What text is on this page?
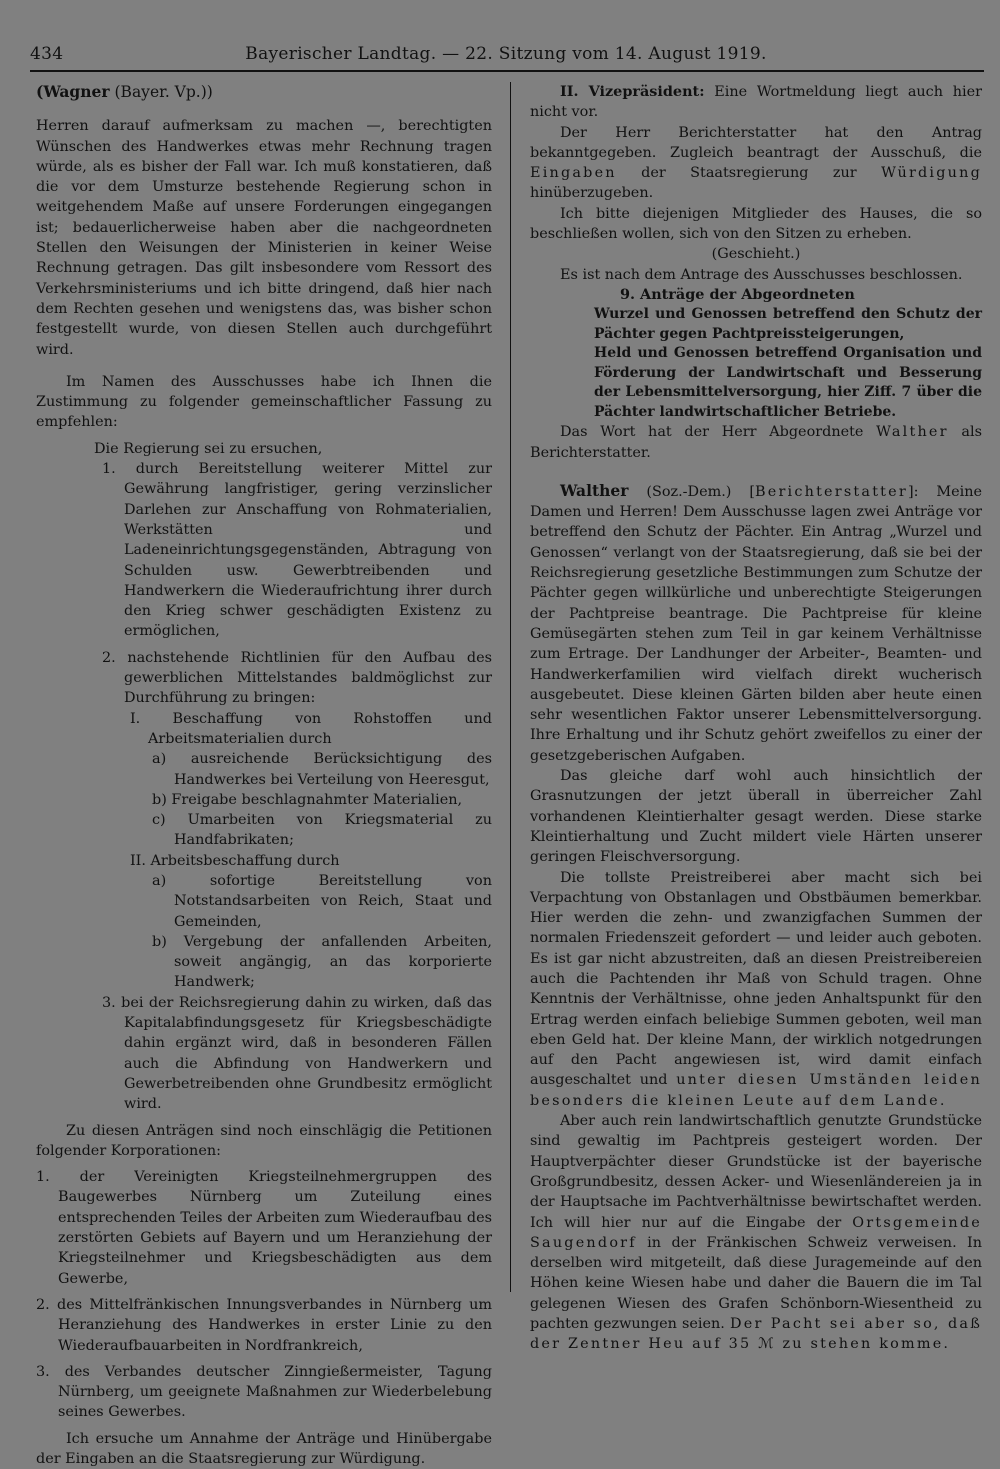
434	Bayerischer Landtag. — 22. Sitzung vom 14. August 1919.

(Wagner (Bayer. Vp.))

Herren darauf aufmerksam zu machen —, berechtigten Wünschen des Handwerkes etwas mehr Rechnung tragen würde, als es bisher der Fall war. Ich muß konstatieren, daß die vor dem Umsturze bestehende Regierung schon in weitgehendem Maße auf unsere Forderungen eingegangen ist; bedauerlicherweise haben aber die nachgeordneten Stellen den Weisungen der Ministerien in keiner Weise Rechnung getragen. Das gilt insbesondere vom Ressort des Verkehrsministeriums und ich bitte dringend, daß hier nach dem Rechten gesehen und wenigstens das, was bisher schon festgestellt wurde, von diesen Stellen auch durchgeführt wird.

Im Namen des Ausschusses habe ich Ihnen die Zustimmung zu folgender gemeinschaftlicher Fassung zu empfehlen:

Die Regierung sei zu ersuchen,

1. durch Bereitstellung weiterer Mittel zur Gewährung langfristiger, gering verzinslicher Darlehen zur Anschaffung von Rohmaterialien, Werkstätten und Ladeneinrichtungsgegenständen, Abtragung von Schulden usw. Gewerbtreibenden und Handwerkern die Wiederaufrichtung ihrer durch den Krieg schwer geschädigten Existenz zu ermöglichen,

2. nachstehende Richtlinien für den Aufbau des gewerblichen Mittelstandes baldmöglichst zur Durchführung zu bringen:

I. Beschaffung von Rohstoffen und Arbeitsmaterialien durch

a) ausreichende Berücksichtigung des Handwerkes bei Verteilung von Heeresgut,

b) Freigabe beschlagnahmter Materialien,

c) Umarbeiten von Kriegsmaterial zu Handfabrikaten;

II. Arbeitsbeschaffung durch

a) sofortige Bereitstellung von Notstandsarbeiten von Reich, Staat und Gemeinden,

b) Vergebung der anfallenden Arbeiten, soweit angängig, an das korporierte Handwerk;

3. bei der Reichsregierung dahin zu wirken, daß das Kapitalabfindungsgesetz für Kriegsbeschädigte dahin ergänzt wird, daß in besonderen Fällen auch die Abfindung von Handwerkern und Gewerbetreibenden ohne Grundbesitz ermöglicht wird.

Zu diesen Anträgen sind noch einschlägig die Petitionen folgender Korporationen:

1. der Vereinigten Kriegsteilnehmergruppen des Baugewerbes Nürnberg um Zuteilung eines entsprechenden Teiles der Arbeiten zum Wiederaufbau des zerstörten Gebiets auf Bayern und um Heranziehung der Kriegsteilnehmer und Kriegsbeschädigten aus dem Gewerbe,

2. des Mittelfränkischen Innungsverbandes in Nürnberg um Heranziehung des Handwerkes in erster Linie zu den Wiederaufbauarbeiten in Nordfrankreich,

3. des Verbandes deutscher Zinngießermeister, Tagung Nürnberg, um geeignete Maßnahmen zur Wiederbelebung seines Gewerbes.

Ich ersuche um Annahme der Anträge und Hinübergabe der Eingaben an die Staatsregierung zur Würdigung.

II. Vizepräsident: Eine Wortmeldung liegt auch hier nicht vor.

Der Herr Berichterstatter hat den Antrag bekanntgegeben. Zugleich beantragt der Ausschuß, die Eingaben der Staatsregierung zur Würdigung hinüberzugeben.

Ich bitte diejenigen Mitglieder des Hauses, die so beschließen wollen, sich von den Sitzen zu erheben.

(Geschieht.)

Es ist nach dem Antrage des Ausschusses beschlossen.

9. Anträge der Abgeordneten

Wurzel und Genossen betreffend den Schutz der Pächter gegen Pachtpreissteigerungen,

Held und Genossen betreffend Organisation und Förderung der Landwirtschaft und Besserung der Lebensmittelversorgung, hier Ziff. 7 über die Pächter landwirtschaftlicher Betriebe.

Das Wort hat der Herr Abgeordnete Walther als Berichterstatter.

Walther (Soz.-Dem.) [Berichterstatter]: Meine Damen und Herren! Dem Ausschusse lagen zwei Anträge vor betreffend den Schutz der Pächter. Ein Antrag „Wurzel und Genossen“ verlangt von der Staatsregierung, daß sie bei der Reichsregierung gesetzliche Bestimmungen zum Schutze der Pächter gegen willkürliche und unberechtigte Steigerungen der Pachtpreise beantrage. Die Pachtpreise für kleine Gemüsegärten stehen zum Teil in gar keinem Verhältnisse zum Ertrage. Der Landhunger der Arbeiter-, Beamten- und Handwerkerfamilien wird vielfach direkt wucherisch ausgebeutet. Diese kleinen Gärten bilden aber heute einen sehr wesentlichen Faktor unserer Lebensmittelversorgung. Ihre Erhaltung und ihr Schutz gehört zweifellos zu einer der gesetzgeberischen Aufgaben.

Das gleiche darf wohl auch hinsichtlich der Grasnutzungen der jetzt überall in überreicher Zahl vorhandenen Kleintierhalter gesagt werden. Diese starke Kleintierhaltung und Zucht mildert viele Härten unserer geringen Fleischversorgung.

Die tollste Preistreiberei aber macht sich bei Verpachtung von Obstanlagen und Obstbäumen bemerkbar. Hier werden die zehn- und zwanzigfachen Summen der normalen Friedenszeit gefordert — und leider auch geboten. Es ist gar nicht abzustreiten, daß an diesen Preistreibereien auch die Pachtenden ihr Maß von Schuld tragen. Ohne Kenntnis der Verhältnisse, ohne jeden Anhaltspunkt für den Ertrag werden einfach beliebige Summen geboten, weil man eben Geld hat. Der kleine Mann, der wirklich notgedrungen auf den Pacht angewiesen ist, wird damit einfach ausgeschaltet und unter diesen Umständen leiden besonders die kleinen Leute auf dem Lande.

Aber auch rein landwirtschaftlich genutzte Grundstücke sind gewaltig im Pachtpreis gesteigert worden. Der Hauptverpächter dieser Grundstücke ist der bayerische Großgrundbesitz, dessen Acker- und Wiesenländereien ja in der Hauptsache im Pachtverhältnisse bewirtschaftet werden. Ich will hier nur auf die Eingabe der Ortsgemeinde Saugendorf in der Fränkischen Schweiz verweisen. In derselben wird mitgeteilt, daß diese Juragemeinde auf den Höhen keine Wiesen habe und daher die Bauern die im Tal gelegenen Wiesen des Grafen Schönborn-Wiesentheid zu pachten gezwungen seien. Der Pacht sei aber so, daß der Zentner Heu auf 35 ℳ zu stehen komme.
